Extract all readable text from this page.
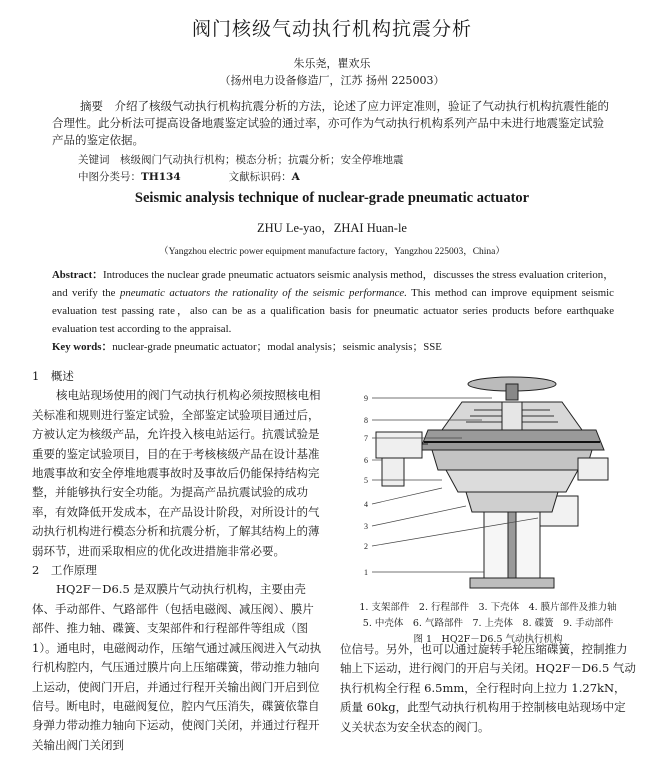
阀门核级气动执行机构抗震分析
朱乐尧，瞿欢乐
（扬州电力设备修造厂，江苏 扬州 225003）
摘要　 介绍了核级气动执行机构抗震分析的方法，论述了应力评定准则，验证了气动执行机构抗震性能的合理性。此分析法可提高设备地震鉴定试验的通过率，亦可作为气动执行机构系列产品中未进行地震鉴定试验产品的鉴定依据。
关键词　核级阀门气动执行机构；模态分析；抗震分析；安全停堆地震
中图分类号：TH134	文献标识码：A
Seismic analysis technique of nuclear-grade pneumatic actuator
ZHU Le-yao，ZHAI Huan-le
（Yangzhou electric power equipment manufacture factory，Yangzhou 225003，China）
Abstract：Introduces the nuclear grade pneumatic actuators seismic analysis method，discusses the stress evaluation criterion，and verify the pneumatic actuators the rationality of the seismic performance. This method can improve equipment seismic evaluation test passing rate，also can be as a qualification basis for pneumatic actuator series products before earthquake evaluation test according to the appraisal.
Key words：nuclear-grade pneumatic actuator；modal analysis；seismic analysis；SSE

1　概述

核电站现场使用的阀门气动执行机构必须按照核电相关标准和规则进行鉴定试验，全部鉴定试验项目通过后，方被认定为核级产品，允许投入核电站运行。抗震试验是重要的鉴定试验项目，目的在于考核核级产品在设计基准地震事故和安全停堆地震事故时及事故后仍能保持结构完整，并能够执行安全功能。为提高产品抗震试验的成功率，有效降低开发成本，在产品设计阶段，对所设计的气动执行机构进行模态分析和抗震分析，了解其结构上的薄弱环节，进而采取相应的优化改进措施非常必要。

2　工作原理

HQ2F－D6.5 是双膜片气动执行机构，主要由壳体、手动部件、气路部件（包括电磁阀、减压阀）、膜片部件、推力轴、碟簧、支架部件和行程部件等组成（图 1）。通电时，电磁阀动作，压缩气通过减压阀进入气动执行机构腔内，气压通过膜片向上压缩碟簧，带动推力轴向上运动，使阀门开启，并通过行程开关输出阀门开启到位信号。断电时，电磁阀复位，腔内气压消失，碟簧依靠自身弹力带动推力轴向下运动，使阀门关闭，并通过行程开关输出阀门关闭到

9
8
7
6
5
4
3
2
1
1. 支架部件　2. 行程部件　3. 下壳体　4. 膜片部件及推力轴
5. 中壳体　6. 气路部件　7. 上壳体　8. 碟簧　9. 手动部件
图 1　HQ2F－D6.5 气动执行机构

位信号。另外，也可以通过旋转手轮压缩碟簧，控制推力轴上下运动，进行阀门的开启与关闭。HQ2F－D6.5 气动执行机构全行程 6.5mm，全行程时向上拉力 1.27kN，质量 60kg，此型气动执行机构用于控制核电站现场中定义关状态为安全状态的阀门。
